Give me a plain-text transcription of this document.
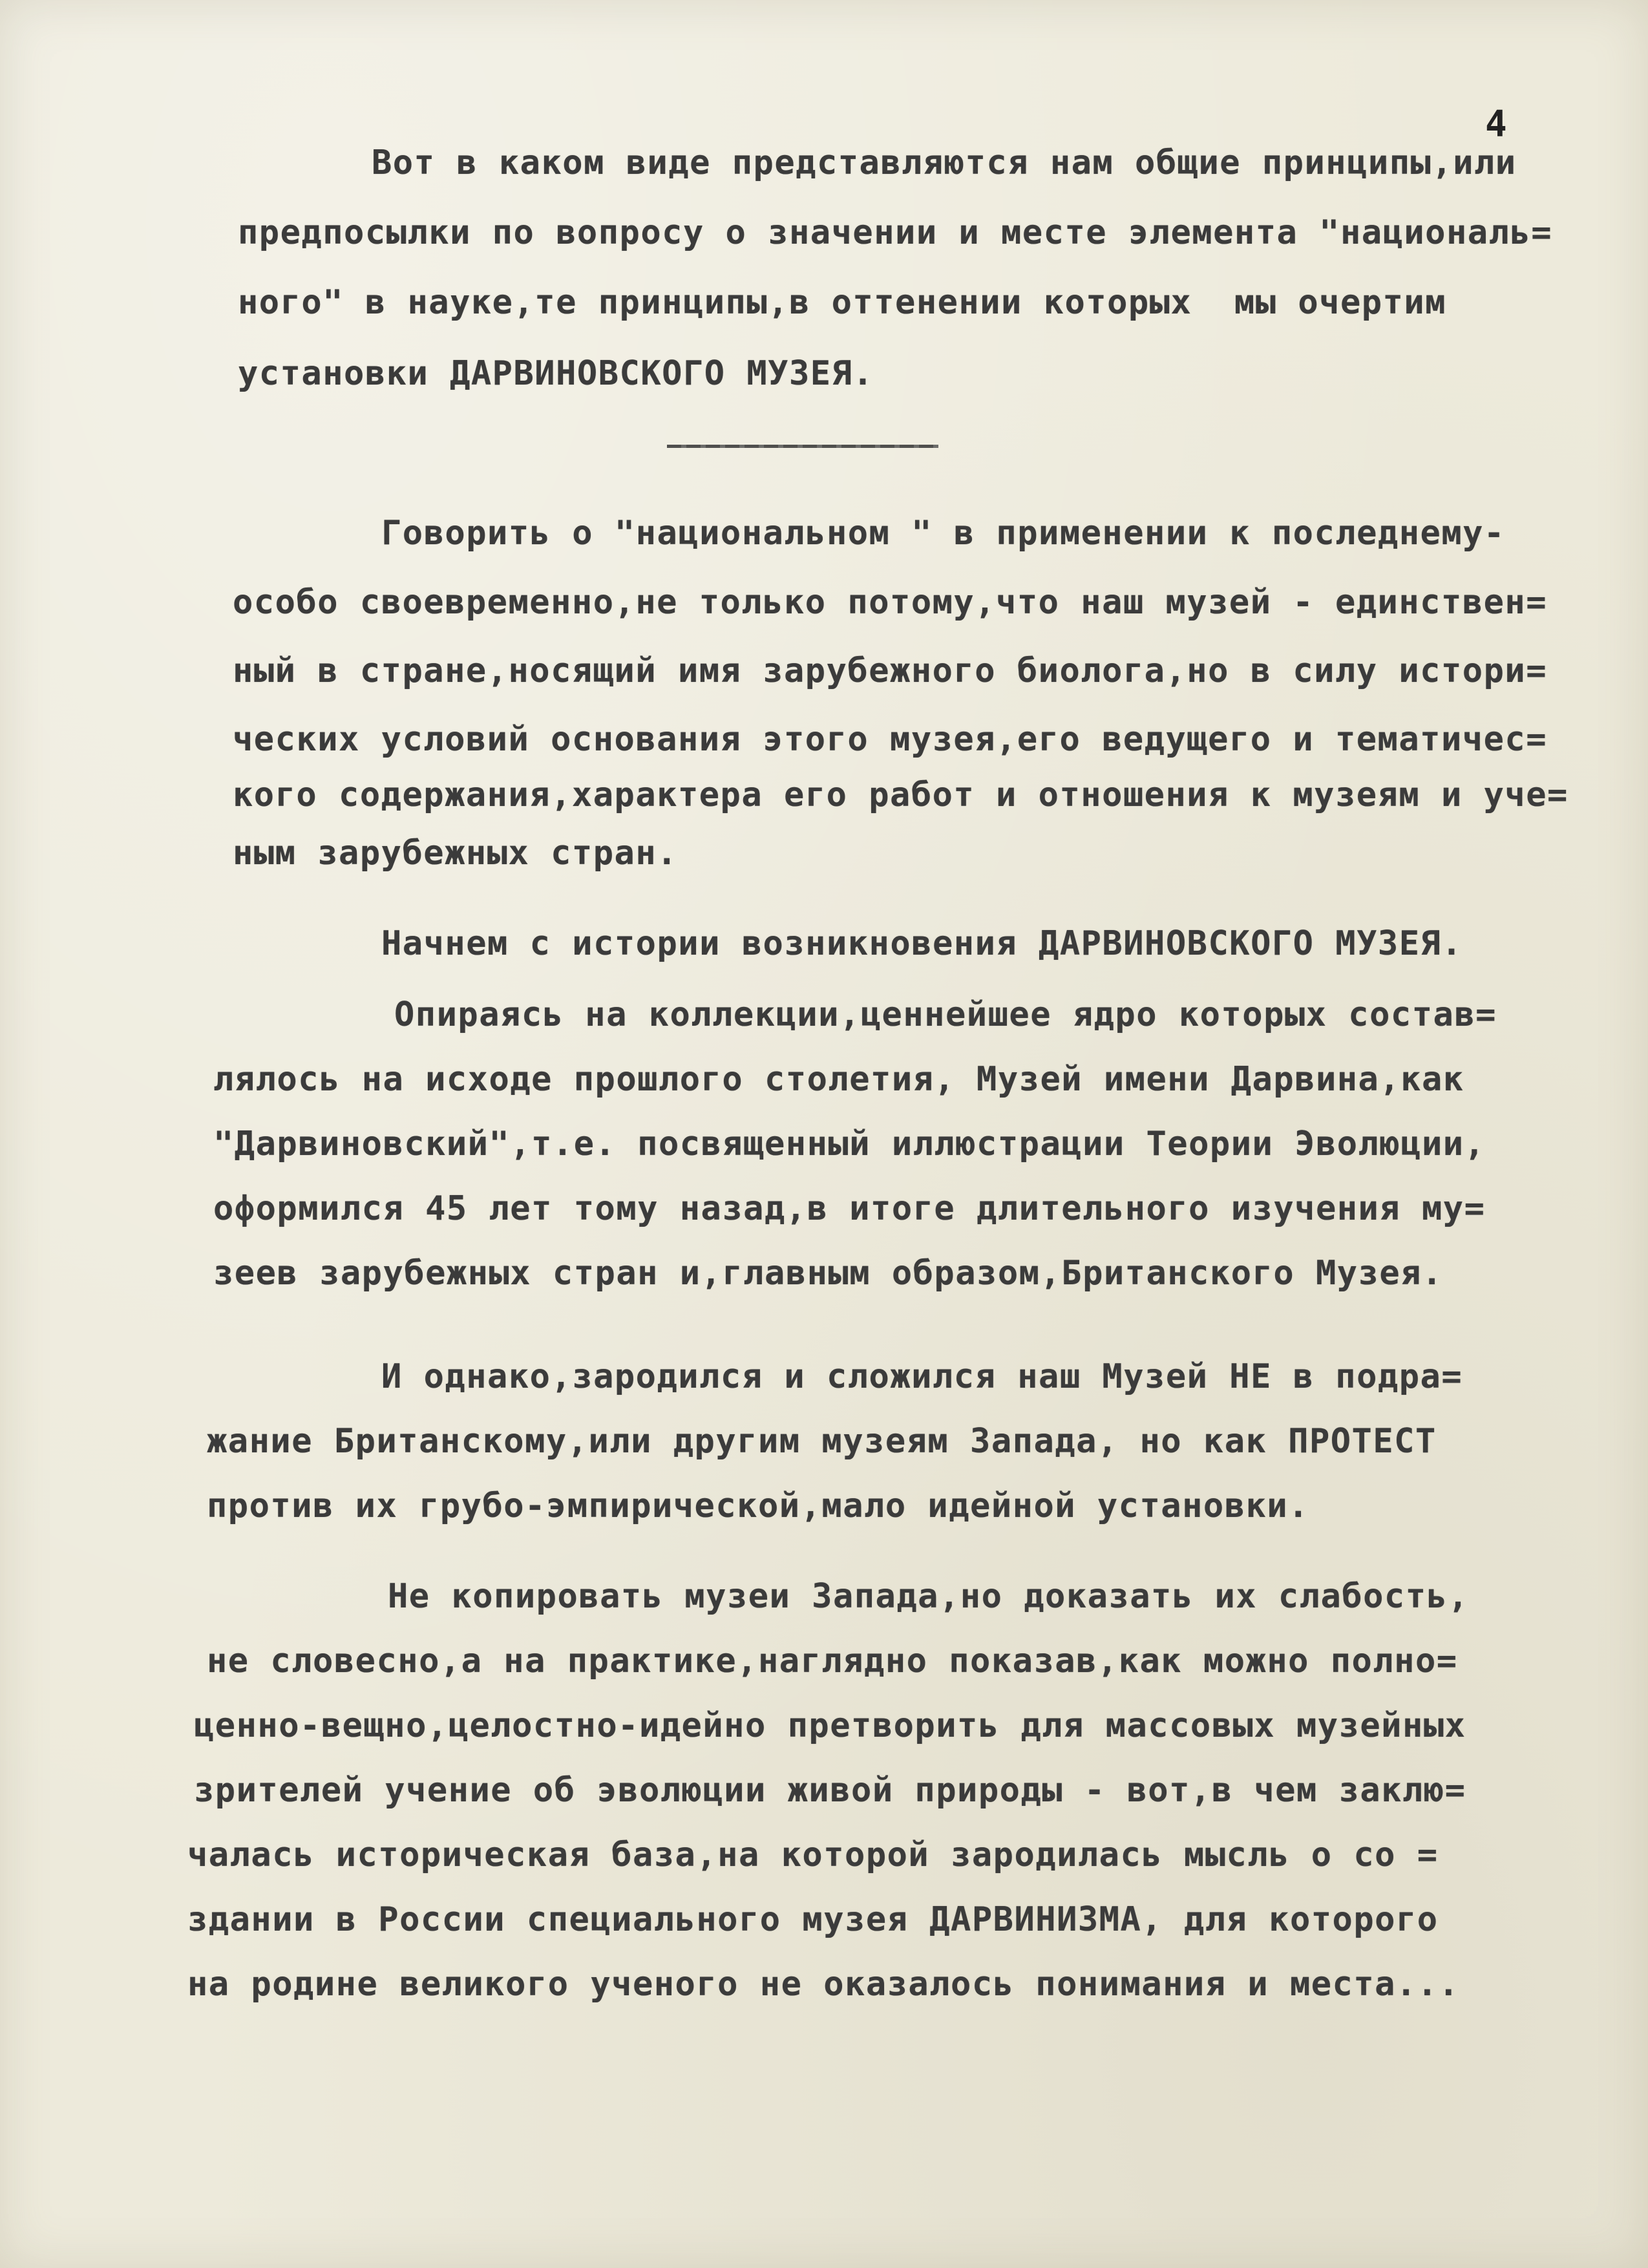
4
Вот в каком виде представляются нам общие принципы,или
предпосылки по вопросу о значении и месте элемента "националь=
ного" в науке,те принципы,в оттенении которых  мы очертим
установки ДАРВИНОВСКОГО МУЗЕЯ.
Говорить о "национальном " в применении к последнему-
особо своевременно,не только потому,что наш музей - единствен=
ный в стране,носящий имя зарубежного биолога,но в силу истори=
ческих условий основания этого музея,его ведущего и тематичес=
кого содержания,характера его работ и отношения к музеям и уче=
ным зарубежных стран.
Начнем с истории возникновения ДАРВИНОВСКОГО МУЗЕЯ.
Опираясь на коллекции,ценнейшее ядро которых состав=
лялось на исходе прошлого столетия, Музей имени Дарвина,как
"Дарвиновский",т.е. посвященный иллюстрации Теории Эволюции,
оформился 45 лет тому назад,в итоге длительного изучения му=
зеев зарубежных стран и,главным образом,Британского Музея.
И однако,зародился и сложился наш Музей НЕ в подра=
жание Британскому,или другим музеям Запада, но как ПРОТЕСТ
против их грубо-эмпирической,мало идейной установки.
Не копировать музеи Запада,но доказать их слабость,
не словесно,а на практике,наглядно показав,как можно полно=
ценно-вещно,целостно-идейно претворить для массовых музейных
зрителей учение об эволюции живой природы - вот,в чем заклю=
чалась историческая база,на которой зародилась мысль о со =
здании в России специального музея ДАРВИНИЗМА, для которого
на родине великого ученого не оказалось понимания и места...
